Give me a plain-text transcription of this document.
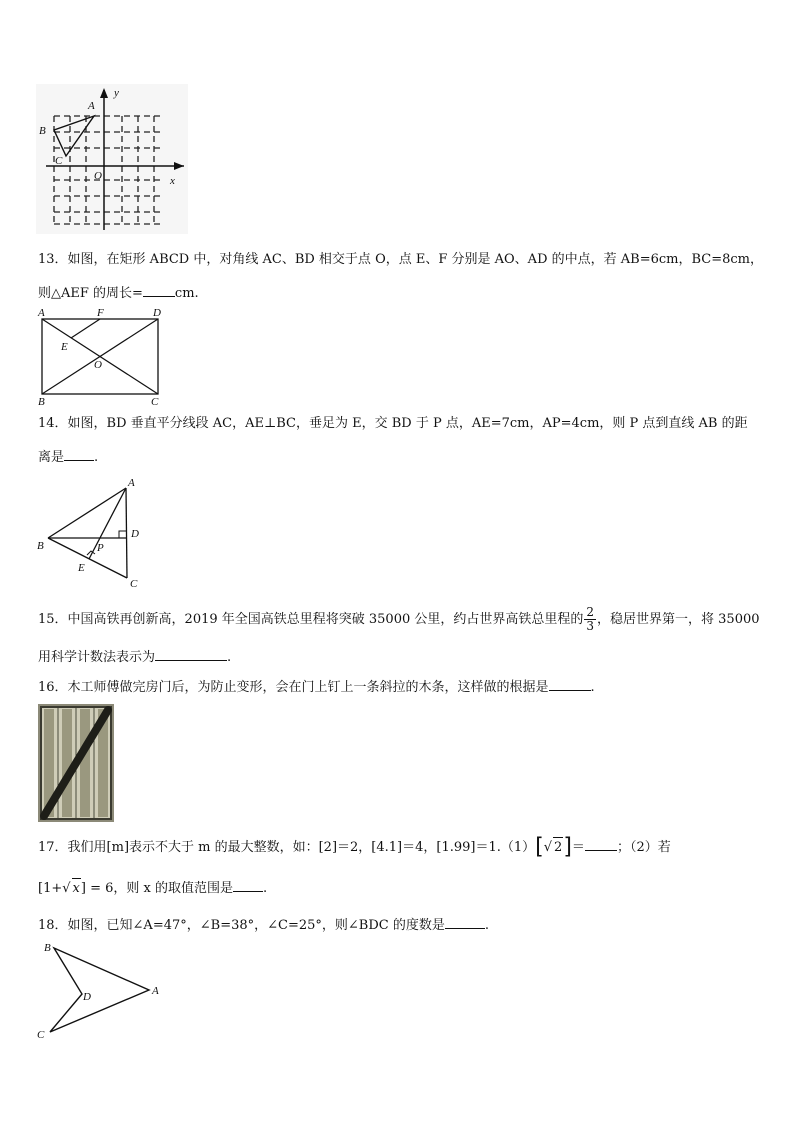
A
B
C
O	x
y
13．如图，在矩形 ABCD 中，对角线 AC、BD 相交于点 O，点 E、F 分别是 AO、AD 的中点，若 AB=6cm，BC=8cm，
则△AEF 的周长= cm.
A	F	D
E
O
B	C
14．如图，BD 垂直平分线段 AC，AE⊥BC，垂足为 E，交 BD 于 P 点，AE=7cm，AP=4cm，则 P 点到直线 AB 的距
离是 .
A
D
B	P
E
C
15．中国高铁再创新高，2019 年全国高铁总里程将突破 35000 公里，约占世界高铁总里程的 $\frac{2}{3}$ ，稳居世界第一，将 35000
用科学计数法表示为	.
16．木工师傅做完房门后，为防止变形，会在门上钉上一条斜拉的木条，这样做的根据是	.
17．我们用[m]表示不大于 m 的最大整数，如：[2]＝2，[4.1]＝4，[1.99]＝1.（1）[√ 2]＝ ；（2）若
[1+√ x] = 6，则 x 的取值范围是 .
18．如图，已知∠A=47°，∠B=38°，∠C=25°，则∠BDC 的度数是	.
B
D	A
C
